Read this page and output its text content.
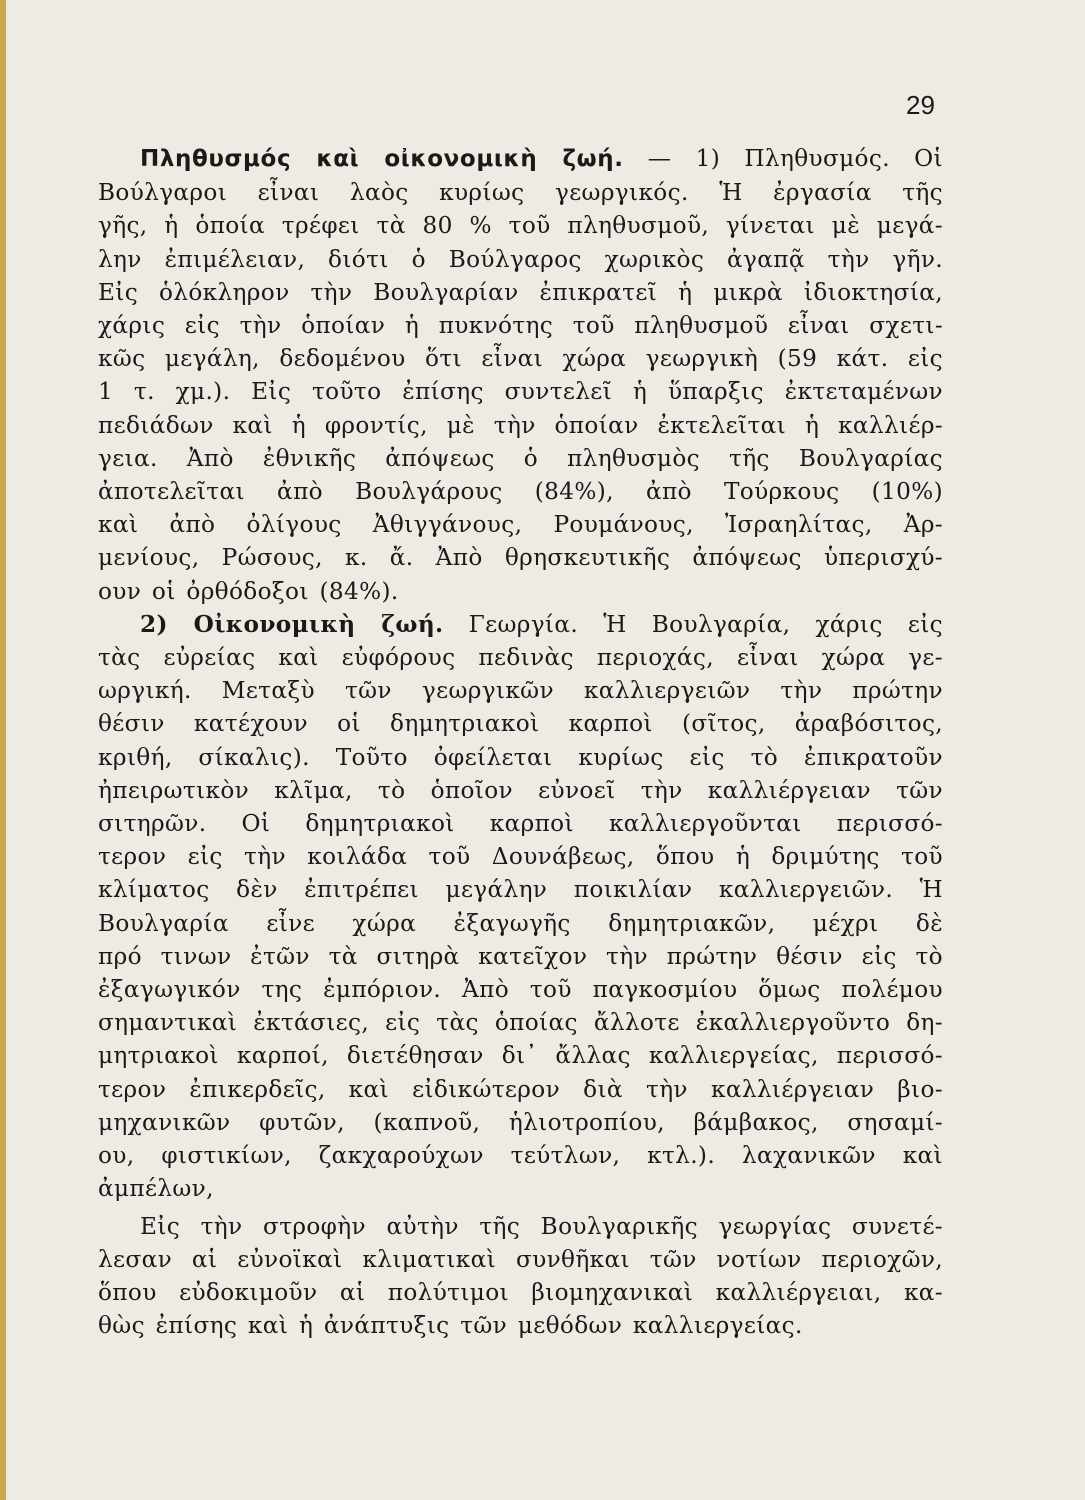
29
Πληθυσμός καὶ οἰκονομικὴ ζωή. — 1) Πληθυσμός. Οἱ
Βούλγαροι εἶναι λαὸς κυρίως γεωργικός. Ἡ ἐργασία τῆς
γῆς, ἡ ὁποία τρέφει τὰ 80 % τοῦ πληθυσμοῦ, γίνεται μὲ μεγά-
λην ἐπιμέλειαν, διότι ὁ Βούλγαρος χωρικὸς ἀγαπᾷ τὴν γῆν.
Εἰς ὁλόκληρον τὴν Βουλγαρίαν ἐπικρατεῖ ἡ μικρὰ ἰδιοκτησία,
χάρις εἰς τὴν ὁποίαν ἡ πυκνότης τοῦ πληθυσμοῦ εἶναι σχετι-
κῶς μεγάλη, δεδομένου ὅτι εἶναι χώρα γεωργικὴ (59 κάτ. εἰς
1 τ. χμ.). Εἰς τοῦτο ἐπίσης συντελεῖ ἡ ὕπαρξις ἐκτεταμένων
πεδιάδων καὶ ἡ φροντίς, μὲ τὴν ὁποίαν ἐκτελεῖται ἡ καλλιέρ-
γεια. Ἀπὸ ἐθνικῆς ἀπόψεως ὁ πληθυσμὸς τῆς Βουλγαρίας
ἀποτελεῖται ἀπὸ Βουλγάρους (84%), ἀπὸ Τούρκους (10%)
καὶ ἀπὸ ὀλίγους Ἀθιγγάνους, Ρουμάνους, Ἰσραηλίτας, Ἀρ-
μενίους, Ρώσους, κ. ἄ. Ἀπὸ θρησκευτικῆς ἀπόψεως ὑπερισχύ-
ουν οἱ ὀρθόδοξοι (84%).
2) Οἰκονομικὴ ζωή. Γεωργία. Ἡ Βουλγαρία, χάρις εἰς
τὰς εὐρείας καὶ εὐφόρους πεδινὰς περιοχάς, εἶναι χώρα γε-
ωργική. Μεταξὺ τῶν γεωργικῶν καλλιεργειῶν τὴν πρώτην
θέσιν κατέχουν οἱ δημητριακοὶ καρποὶ (σῖτος, ἀραβόσιτος,
κριθή, σίκαλις). Τοῦτο ὀφείλεται κυρίως εἰς τὸ ἐπικρατοῦν
ἠπειρωτικὸν κλῖμα, τὸ ὁποῖον εὐνοεῖ τὴν καλλιέργειαν τῶν
σιτηρῶν. Οἱ δημητριακοὶ καρποὶ καλλιεργοῦνται περισσό-
τερον εἰς τὴν κοιλάδα τοῦ Δουνάβεως, ὅπου ἡ δριμύτης τοῦ
κλίματος δὲν ἐπιτρέπει μεγάλην ποικιλίαν καλλιεργειῶν. Ἡ
Βουλγαρία εἶνε χώρα ἐξαγωγῆς δημητριακῶν, μέχρι δὲ
πρό τινων ἐτῶν τὰ σιτηρὰ κατεῖχον τὴν πρώτην θέσιν εἰς τὸ
ἐξαγωγικόν της ἐμπόριον. Ἀπὸ τοῦ παγκοσμίου ὅμως πολέμου
σημαντικαὶ ἐκτάσιες, εἰς τὰς ὁποίας ἄλλοτε ἐκαλλιεργοῦντο δη-
μητριακοὶ καρποί, διετέθησαν δι᾽ ἄλλας καλλιεργείας, περισσό-
τερον ἐπικερδεῖς, καὶ εἰδικώτερον διὰ τὴν καλλιέργειαν βιο-
μηχανικῶν φυτῶν, (καπνοῦ, ἡλιοτροπίου, βάμβακος, σησαμί-
ου, φιστικίων, ζακχαρούχων τεύτλων, κτλ.). λαχανικῶν καὶ
ἀμπέλων,
Εἰς τὴν στροφὴν αὐτὴν τῆς Βουλγαρικῆς γεωργίας συνετέ-
λεσαν αἱ εὐνοϊκαὶ κλιματικαὶ συνθῆκαι τῶν νοτίων περιοχῶν,
ὅπου εὐδοκιμοῦν αἱ πολύτιμοι βιομηχανικαὶ καλλιέργειαι, κα-
θὼς ἐπίσης καὶ ἡ ἀνάπτυξις τῶν μεθόδων καλλιεργείας.
